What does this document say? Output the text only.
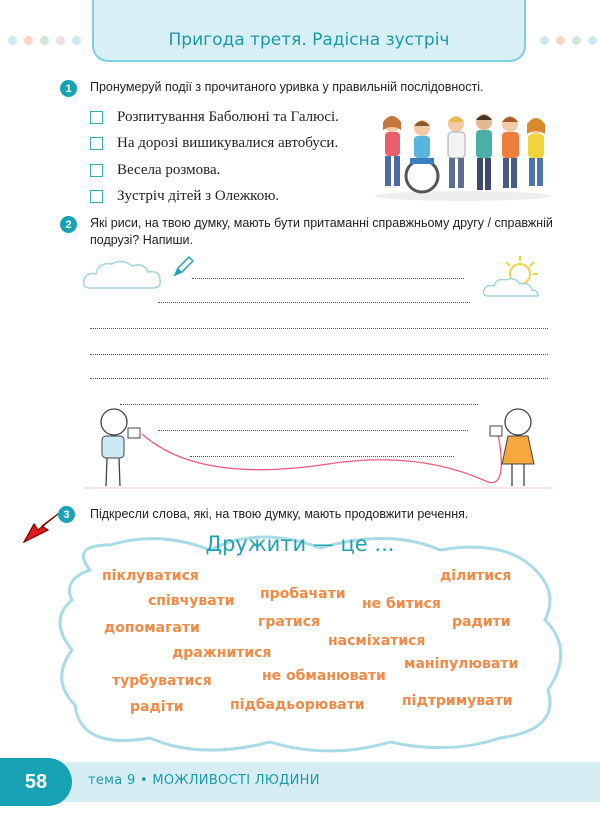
Пригода третя. Радісна зустріч
1	Пронумеруй події з прочитаного уривка у правильній послідовності.
Розпитування Баболюні та Галюсі.
На дорозі вишикувалися автобуси.
Весела розмова.
Зустріч дітей з Олежкою.
2	Які риси, на твою думку, мають бути притаманні справжньому другу / справжній
подрузі? Напиши.
3	Підкресли слова, які, на твою думку, мають продовжити речення.
Дружити — це ...
піклуватися	дiлитися
пробачати
співчувати	не битися
гратися	радити
допомагати
насміхатися
дражнитися
маніпулювати
не обманювати
турбуватися
радіти	підбадьорювати	підтримувати
58	тема 9 • МОЖЛИВОСТІ ЛЮДИНИ
